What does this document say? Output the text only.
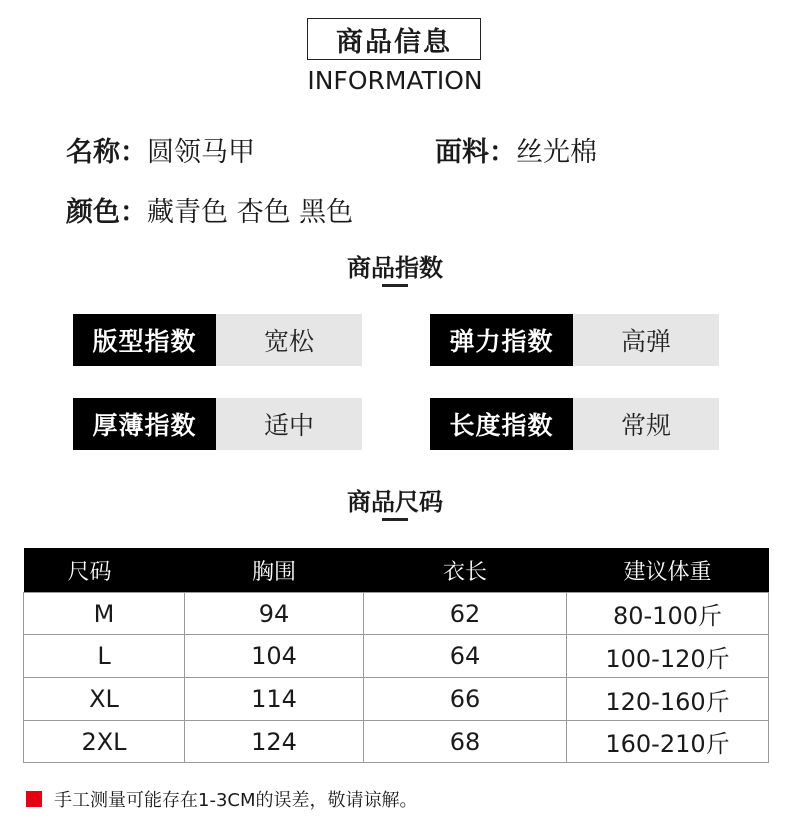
商品信息
INFORMATION
名称：圆领马甲	面料：丝光棉
颜色：藏青色 杏色 黑色
商品指数
版型指数	宽松	弹力指数	高弹
厚薄指数	适中	长度指数	常规
商品尺码
尺码	胸围	衣长	建议体重
M	94	62	80-100斤
L	104	64	100-120斤
XL	114	66	120-160斤
2XL	124	68	160-210斤
手工测量可能存在1-3CM的误差，敬请谅解。
